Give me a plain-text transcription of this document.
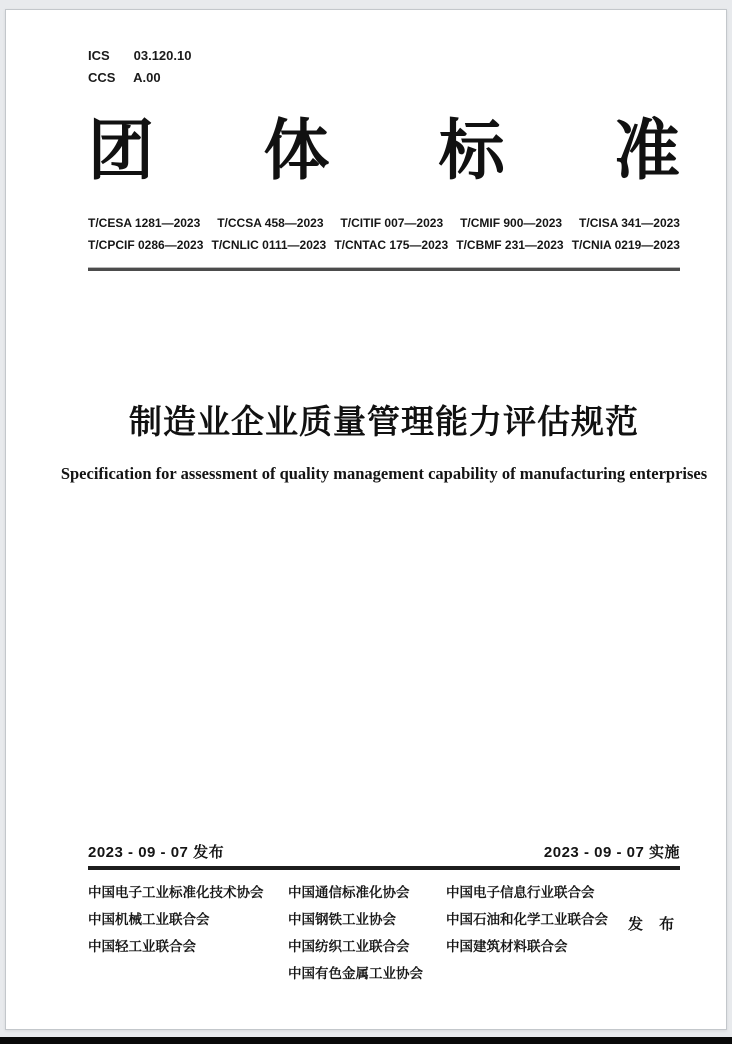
ICS 03.120.10
CCS A.00
团 体 标 准
T/CESA 1281—2023 T/CCSA 458—2023 T/CITIF 007—2023 T/CMIF 900—2023 T/CISA 341—2023
T/CPCIF 0286—2023 T/CNLIC 0111—2023 T/CNTAC 175—2023 T/CBMF 231—2023 T/CNIA 0219—2023
制造业企业质量管理能力评估规范
Specification for assessment of quality management capability of manufacturing enterprises
2023 - 09 - 07 发布	2023 - 09 - 07 实施
中国电子工业标准化技术协会
中国机械工业联合会
中国轻工业联合会
中国通信标准化协会
中国钢铁工业协会
中国纺织工业联合会
中国有色金属工业协会
中国电子信息行业联合会
中国石油和化学工业联合会
中国建筑材料联合会
发 布
